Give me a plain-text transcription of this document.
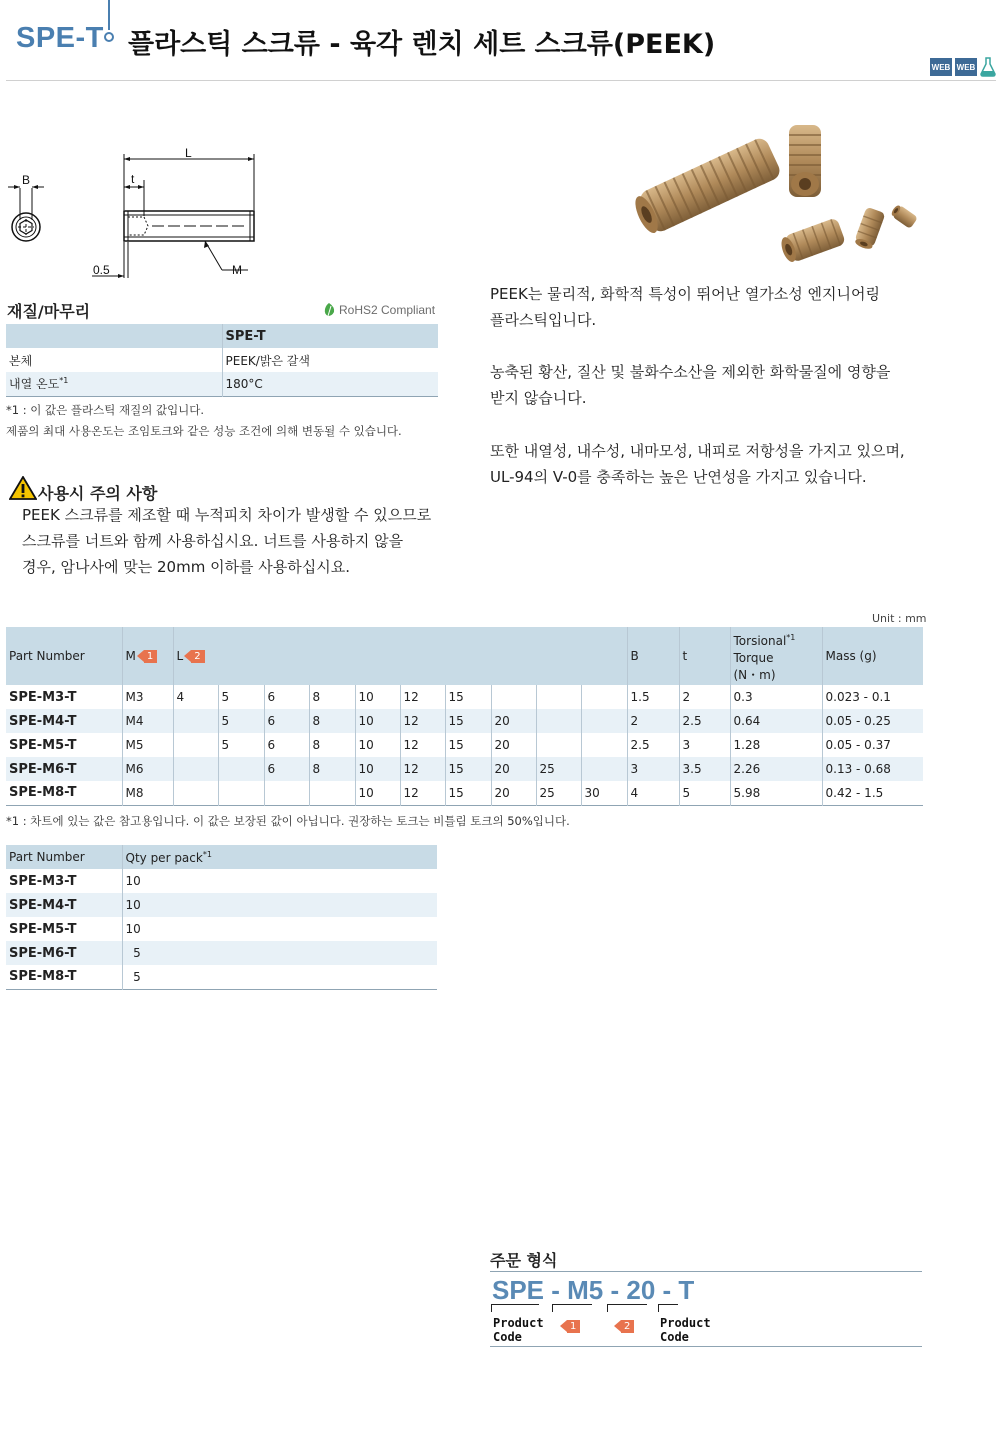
SPE-T 플라스틱 스크류 - 육각 렌치 세트 스크류(PEEK)
WEB WEB
B
L
t
M
0.5
재질/마무리	RoHS2 Compliant
	SPE-T
본체	PEEK/밝은 갈색
내열 온도$^{*1}$	180°C
*1 : 이 값은 플라스틱 재질의 값입니다.
제품의 최대 사용온도는 조임토크와 같은 성능 조건에 의해 변동될 수 있습니다.
사용시 주의 사항
PEEK 스크류를 제조할 때 누적피치 차이가 발생할 수 있으므로
스크류를 너트와 함께 사용하십시요. 너트를 사용하지 않을
경우, 암나사에 맞는 20mm 이하를 사용하십시요.
PEEK는 물리적, 화학적 특성이 뛰어난 열가소성 엔지니어링
플라스틱입니다.
농축된 황산, 질산 및 불화수소산을 제외한 화학물질에 영향을
받지 않습니다.
또한 내열성, 내수성, 내마모성, 내피로 저항성을 가지고 있으며,
UL-94의 V-0를 충족하는 높은 난연성을 가지고 있습니다.
Unit : mm
Part Number	M 1	L 2										B	t	Torsional$^{*1}$
Torque
(N・m)	Mass (g)
SPE-M3-T	M3	4	5	6	8	10	12	15				1.5	2	0.3	0.023 - 0.1
SPE-M4-T	M4		5	6	8	10	12	15	20			2	2.5	0.64	0.05 - 0.25
SPE-M5-T	M5		5	6	8	10	12	15	20			2.5	3	1.28	0.05 - 0.37
SPE-M6-T	M6			6	8	10	12	15	20	25		3	3.5	2.26	0.13 - 0.68
SPE-M8-T	M8					10	12	15	20	25	30	4	5	5.98	0.42 - 1.5
*1 : 차트에 있는 값은 참고용입니다. 이 값은 보장된 값이 아닙니다. 권장하는 토크는 비틀림 토크의 50%입니다.
Part Number	Qty per pack$^{*1}$
SPE-M3-T	10
SPE-M4-T	10
SPE-M5-T	10
SPE-M6-T	5
SPE-M8-T	5
주문 형식
SPE - M5 - 20 - T
Product
Code
1	2	Product
Code
